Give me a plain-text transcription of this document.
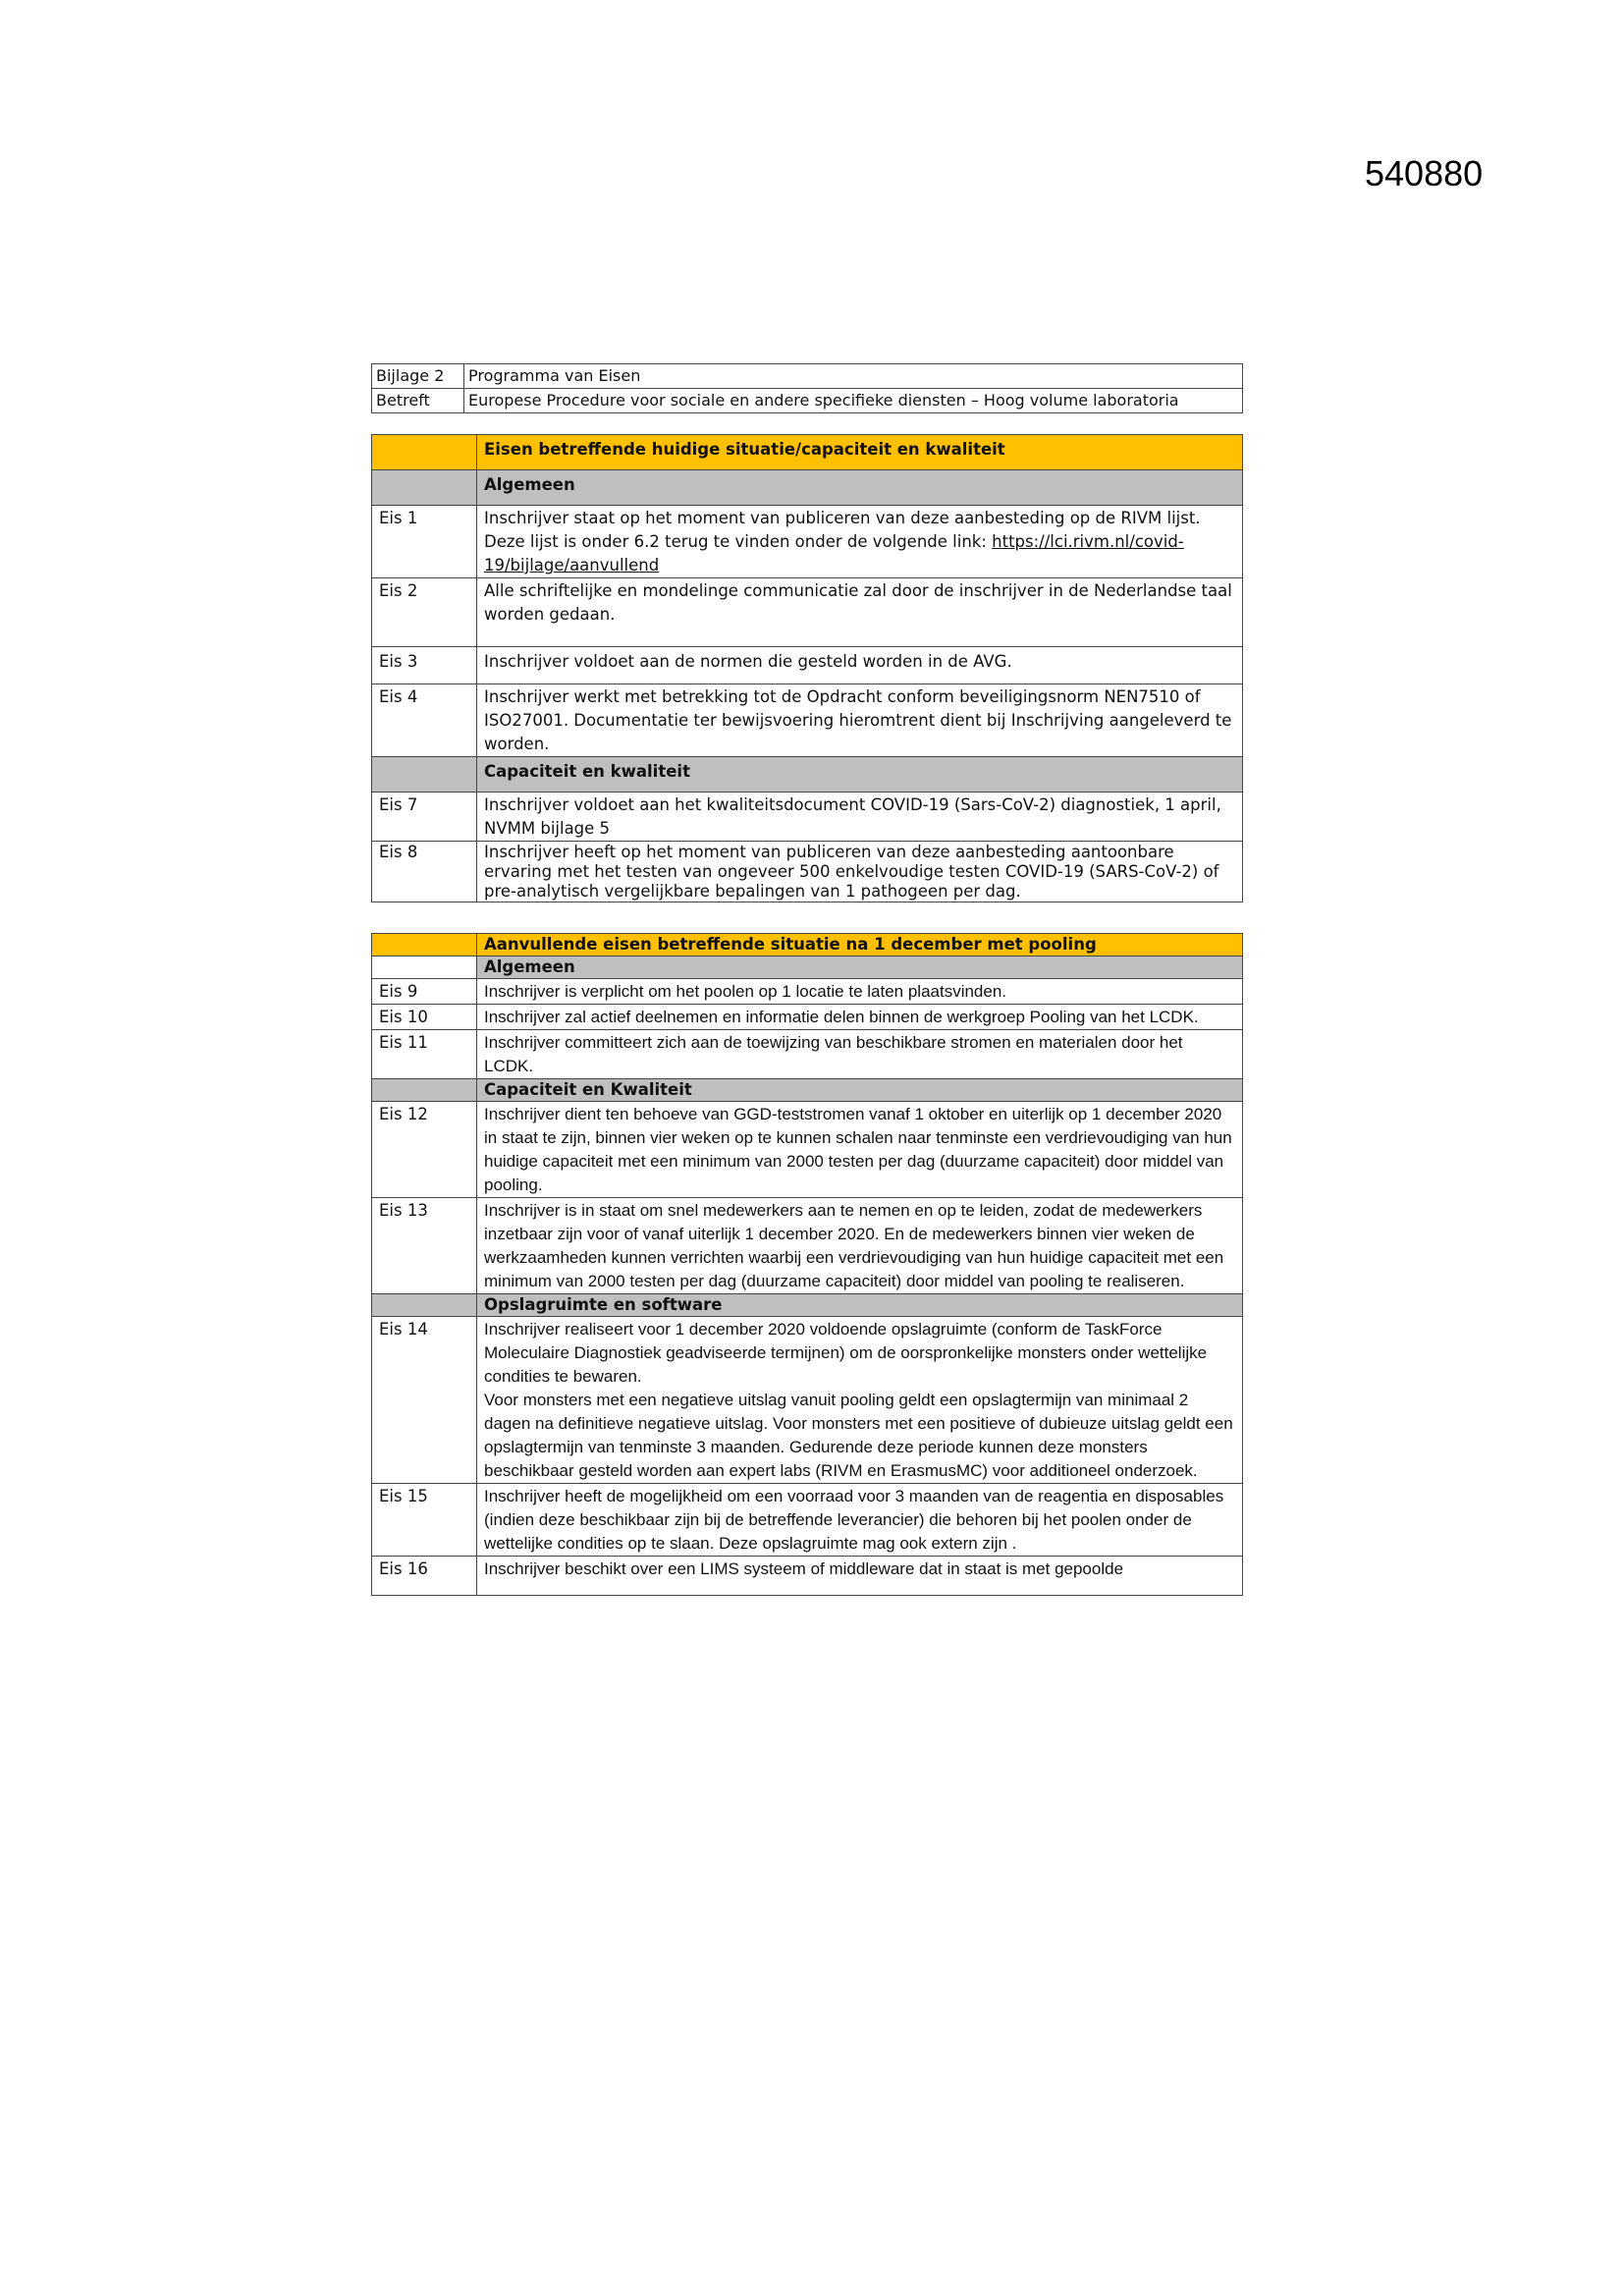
540880
Bijlage 2	Programma van Eisen
Betreft	Europese Procedure voor sociale en andere specifieke diensten – Hoog volume laboratoria
	Eisen betreffende huidige situatie/capaciteit en kwaliteit
	Algemeen
Eis 1	Inschrijver staat op het moment van publiceren van deze aanbesteding op de RIVM lijst. Deze lijst is onder 6.2 terug te vinden onder de volgende link: https://lci.rivm.nl/covid-19/bijlage/aanvullend
Eis 2	Alle schriftelijke en mondelinge communicatie zal door de inschrijver in de Nederlandse taal worden gedaan.
Eis 3	Inschrijver voldoet aan de normen die gesteld worden in de AVG.
Eis 4	Inschrijver werkt met betrekking tot de Opdracht conform beveiligingsnorm NEN7510 of ISO27001. Documentatie ter bewijsvoering hieromtrent dient bij Inschrijving aangeleverd te worden.
	Capaciteit en kwaliteit
Eis 7	Inschrijver voldoet aan het kwaliteitsdocument COVID-19 (Sars-CoV-2) diagnostiek, 1 april, NVMM bijlage 5
Eis 8	Inschrijver heeft op het moment van publiceren van deze aanbesteding aantoonbare ervaring met het testen van ongeveer 500 enkelvoudige testen COVID-19 (SARS-CoV-2) of pre-analytisch vergelijkbare bepalingen van 1 pathogeen per dag.
	Aanvullende eisen betreffende situatie na 1 december met pooling
	Algemeen
Eis 9	Inschrijver is verplicht om het poolen op 1 locatie te laten plaatsvinden.
Eis 10	Inschrijver zal actief deelnemen en informatie delen binnen de werkgroep Pooling van het LCDK.
Eis 11	Inschrijver committeert zich aan de toewijzing van beschikbare stromen en materialen door het LCDK.
	Capaciteit en Kwaliteit
Eis 12	Inschrijver dient ten behoeve van GGD-teststromen vanaf 1 oktober en uiterlijk op 1 december 2020 in staat te zijn, binnen vier weken op te kunnen schalen naar tenminste een verdrievoudiging van hun huidige capaciteit met een minimum van 2000 testen per dag (duurzame capaciteit) door middel van pooling.
Eis 13	Inschrijver is in staat om snel medewerkers aan te nemen en op te leiden, zodat de medewerkers inzetbaar zijn voor of vanaf uiterlijk 1 december 2020. En de medewerkers binnen vier weken de werkzaamheden kunnen verrichten waarbij een verdrievoudiging van hun huidige capaciteit met een minimum van 2000 testen per dag (duurzame capaciteit) door middel van pooling te realiseren.
	Opslagruimte en software
Eis 14	Inschrijver realiseert voor 1 december 2020 voldoende opslagruimte (conform de TaskForce Moleculaire Diagnostiek geadviseerde termijnen) om de oorspronkelijke monsters onder wettelijke condities te bewaren.
Voor monsters met een negatieve uitslag vanuit pooling geldt een opslagtermijn van minimaal 2 dagen na definitieve negatieve uitslag. Voor monsters met een positieve of dubieuze uitslag geldt een opslagtermijn van tenminste 3 maanden. Gedurende deze periode kunnen deze monsters beschikbaar gesteld worden aan expert labs (RIVM en ErasmusMC) voor additioneel onderzoek.

Eis 15	Inschrijver heeft de mogelijkheid om een voorraad voor 3 maanden van de reagentia en disposables (indien deze beschikbaar zijn bij de betreffende leverancier) die behoren bij het poolen onder de wettelijke condities op te slaan. Deze opslagruimte mag ook extern zijn .
Eis 16	Inschrijver beschikt over een LIMS systeem of middleware dat in staat is met gepoolde
